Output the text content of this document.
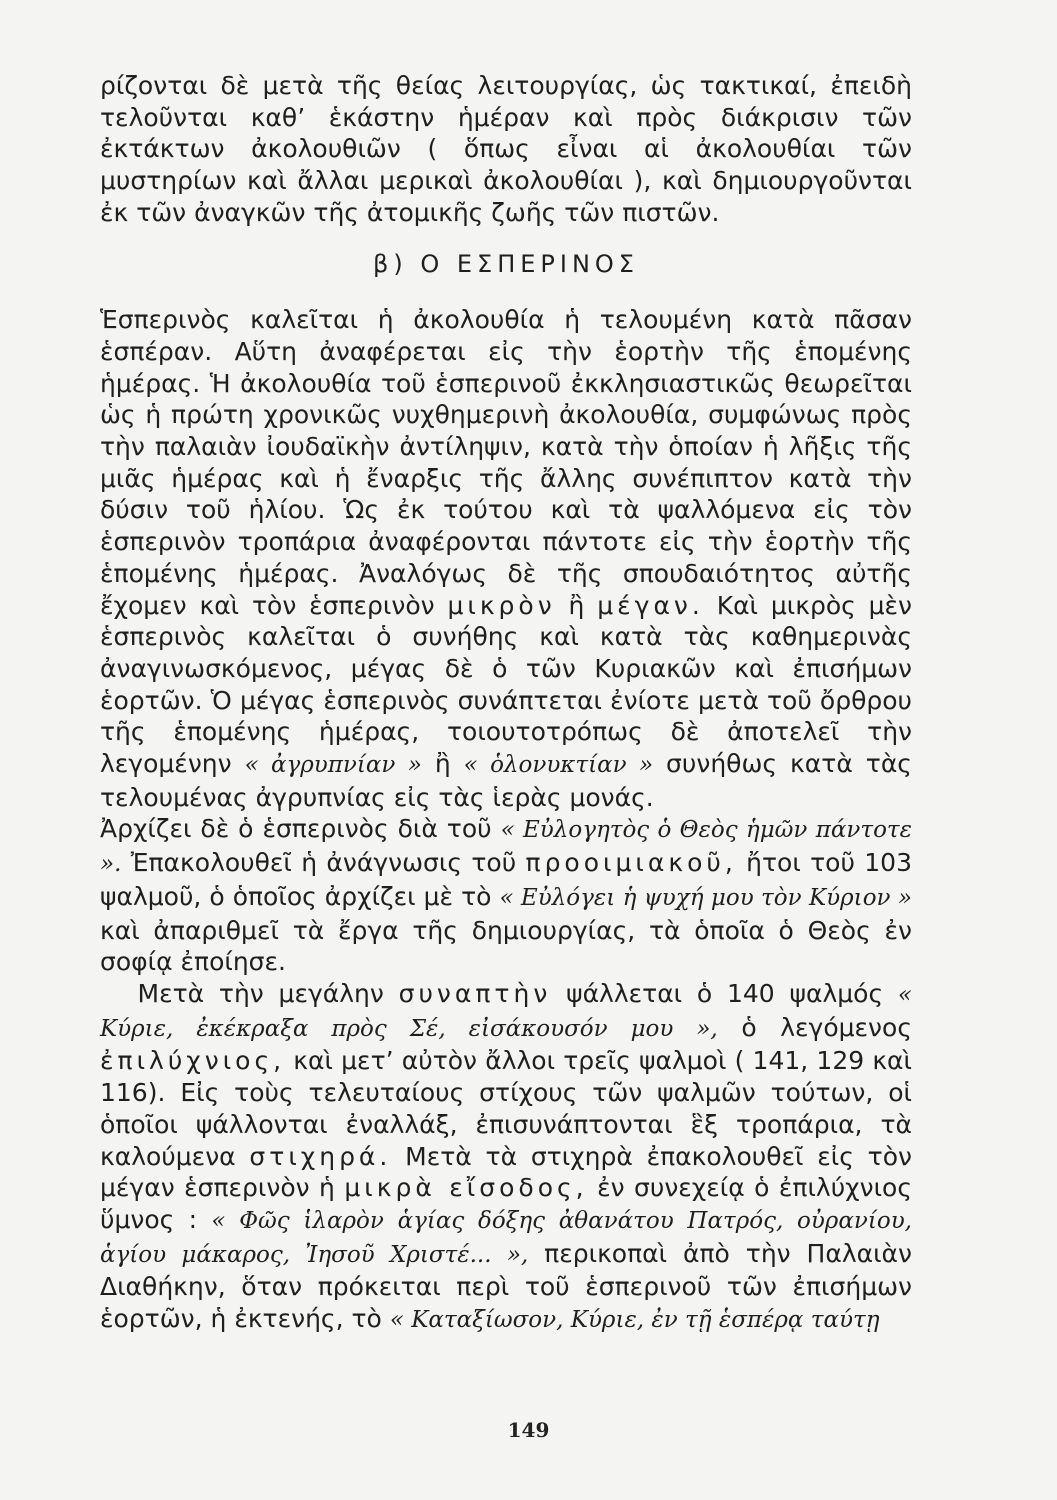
ρίζονται δὲ μετὰ τῆς θείας λειτουργίας, ὡς τακτικαί, ἐπειδὴ τελοῦνται καθ’ ἑκάστην ἡμέραν καὶ πρὸς διάκρισιν τῶν ἐκτάκτων ἀκολουθιῶν ( ὅπως εἶναι αἱ ἀκολουθίαι τῶν μυστηρίων καὶ ἄλλαι μερικαὶ ἀκολουθίαι ), καὶ δημιουργοῦνται ἐκ τῶν ἀναγκῶν τῆς ἀτομικῆς ζωῆς τῶν πιστῶν.

β) Ο ΕΣΠΕΡΙΝΟΣ

Ἑσπερινὸς καλεῖται ἡ ἀκολουθία ἡ τελουμένη κατὰ πᾶσαν ἑσπέραν. Αὕτη ἀναφέρεται εἰς τὴν ἑορτὴν τῆς ἑπομένης ἡμέρας. Ἡ ἀκολουθία τοῦ ἑσπερινοῦ ἐκκλησιαστικῶς θεωρεῖται ὡς ἡ πρώτη χρονικῶς νυχθημερινὴ ἀκολουθία, συμφώνως πρὸς τὴν παλαιὰν ἰουδαϊκὴν ἀντίληψιν, κατὰ τὴν ὁποίαν ἡ λῆξις τῆς μιᾶς ἡμέρας καὶ ἡ ἔναρξις τῆς ἄλλης συνέπιπτον κατὰ τὴν δύσιν τοῦ ἡλίου. Ὡς ἐκ τούτου καὶ τὰ ψαλλόμενα εἰς τὸν ἑσπερινὸν τροπάρια ἀναφέρονται πάντοτε εἰς τὴν ἑορτὴν τῆς ἑπομένης ἡμέρας. Ἀναλόγως δὲ τῆς σπουδαιότητος αὐτῆς ἔχομεν καὶ τὸν ἑσπερινὸν μικρὸν ἢ μέγαν. Καὶ μικρὸς μὲν ἑσπερινὸς καλεῖται ὁ συνήθης καὶ κατὰ τὰς καθημερινὰς ἀναγινωσκόμενος, μέγας δὲ ὁ τῶν Κυριακῶν καὶ ἐπισήμων ἑορτῶν. Ὁ μέγας ἑσπερινὸς συνάπτεται ἐνίοτε μετὰ τοῦ ὄρθρου τῆς ἑπομένης ἡμέρας, τοιουτοτρόπως δὲ ἀποτελεῖ τὴν λεγομένην « ἀγρυπνίαν » ἢ « ὁλονυκτίαν » συνήθως κατὰ τὰς τελουμένας ἀγρυπνίας εἰς τὰς ἱερὰς μονάς.

Ἀρχίζει δὲ ὁ ἑσπερινὸς διὰ τοῦ « Εὐλογητὸς ὁ Θεὸς ἡμῶν πάντοτε ». Ἐπακολουθεῖ ἡ ἀνάγνωσις τοῦ προοιμιακοῦ, ἤτοι τοῦ 103 ψαλμοῦ, ὁ ὁποῖος ἀρχίζει μὲ τὸ « Εὐλόγει ἡ ψυχή μου τὸν Κύριον » καὶ ἀπαριθμεῖ τὰ ἔργα τῆς δημιουργίας, τὰ ὁποῖα ὁ Θεὸς ἐν σοφίᾳ ἐποίησε.

Μετὰ τὴν μεγάλην συναπτὴν ψάλλεται ὁ 140 ψαλμός « Κύριε, ἐκέκραξα πρὸς Σέ, εἰσάκουσόν μου », ὁ λεγόμενος ἐπιλύχνιος, καὶ μετ’ αὐτὸν ἄλλοι τρεῖς ψαλμοὶ ( 141, 129 καὶ 116). Εἰς τοὺς τελευταίους στίχους τῶν ψαλμῶν τούτων, οἱ ὁποῖοι ψάλλονται ἐναλλάξ, ἐπισυνάπτονται ἓξ τροπάρια, τὰ καλούμενα στιχηρά. Μετὰ τὰ στιχηρὰ ἐπακολουθεῖ εἰς τὸν μέγαν ἑσπερινὸν ἡ μικρὰ εἴσοδος, ἐν συνεχείᾳ ὁ ἐπιλύχνιος ὕμνος : « Φῶς ἱλαρὸν ἁγίας δόξης ἀθανάτου Πατρός, οὐρανίου, ἁγίου μάκαρος, Ἰησοῦ Χριστέ... », περικοπαὶ ἀπὸ τὴν Παλαιὰν Διαθήκην, ὅταν πρόκειται περὶ τοῦ ἑσπερινοῦ τῶν ἐπισήμων ἑορτῶν, ἡ ἐκτενής, τὸ « Καταξίωσον, Κύριε, ἐν τῇ ἑσπέρᾳ ταύτῃ

149
